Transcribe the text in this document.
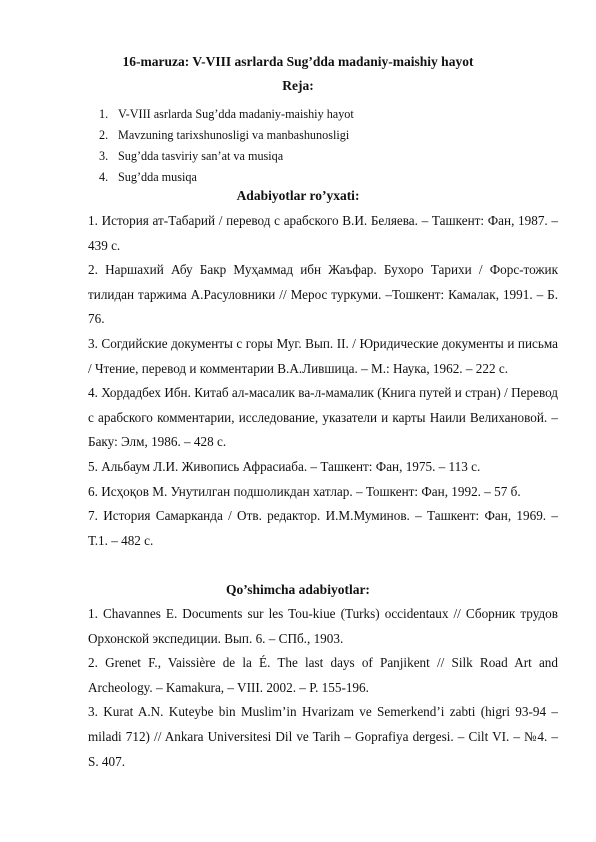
16-maruza: V-VIII asrlarda Sug’dda madaniy-maishiy hayot
Reja:
1. V-VIII asrlarda Sug’dda madaniy-maishiy hayot
2. Mavzuning tarixshunosligi va manbashunosligi
3. Sug’dda tasviriy san’at va musiqa
4. Sug’dda musiqa
Adabiyotlar ro’yxati:

1. История ат-Табарий / перевод с арабского В.И. Беляева. – Ташкент: Фан, 1987. – 439 с.

2. Наршахий Абу Бакр Муҳаммад ибн Жаъфар. Бухоро Тарихи / Форс-тожик тилидан таржима А.Расуловники // Мерос туркуми. –Тошкент: Камалак, 1991. – Б. 76.

3. Согдийские документы с горы Муг. Вып. II. / Юридические документы и письма / Чтение, перевод и комментарии В.А.Лившица. – М.: Наука, 1962. – 222 с.

4. Хордадбех Ибн. Китаб ал-масалик ва-л-мамалик (Книга путей и стран) / Перевод с арабского комментарии, исследование, указатели и карты Наили Велихановой. – Баку: Элм, 1986. – 428 с.

5. Альбаум Л.И. Живопись Афрасиаба. – Ташкент: Фан, 1975. – 113 с.

6. Исҳоқов М. Унутилган подшоликдан хатлар. – Тошкент: Фан, 1992. – 57 б.

7. История Самарканда / Отв. редактор. И.М.Муминов. – Ташкент: Фан, 1969. – Т.1. – 482 с.

Qo’shimcha adabiyotlar:

1. Chavannes E. Documents sur les Tou-kiue (Turks) occidentaux // Сборник трудов Орхонской экспедиции. Вып. 6. – СПб., 1903.

2. Grenet F., Vaissière de la É. The last days of Panjikent // Silk Road Art and Archeology. – Kamakura, – VIII. 2002. – P. 155-196.

3. Kurat A.N. Kuteybe bin Muslim’in Hvarizam ve Semerkend’i zabti (higri 93-94 – miladi 712) // Ankara Universitesi Dil ve Tarih – Goprafiya dergesi. – Cilt VI. – №4. – S. 407.
